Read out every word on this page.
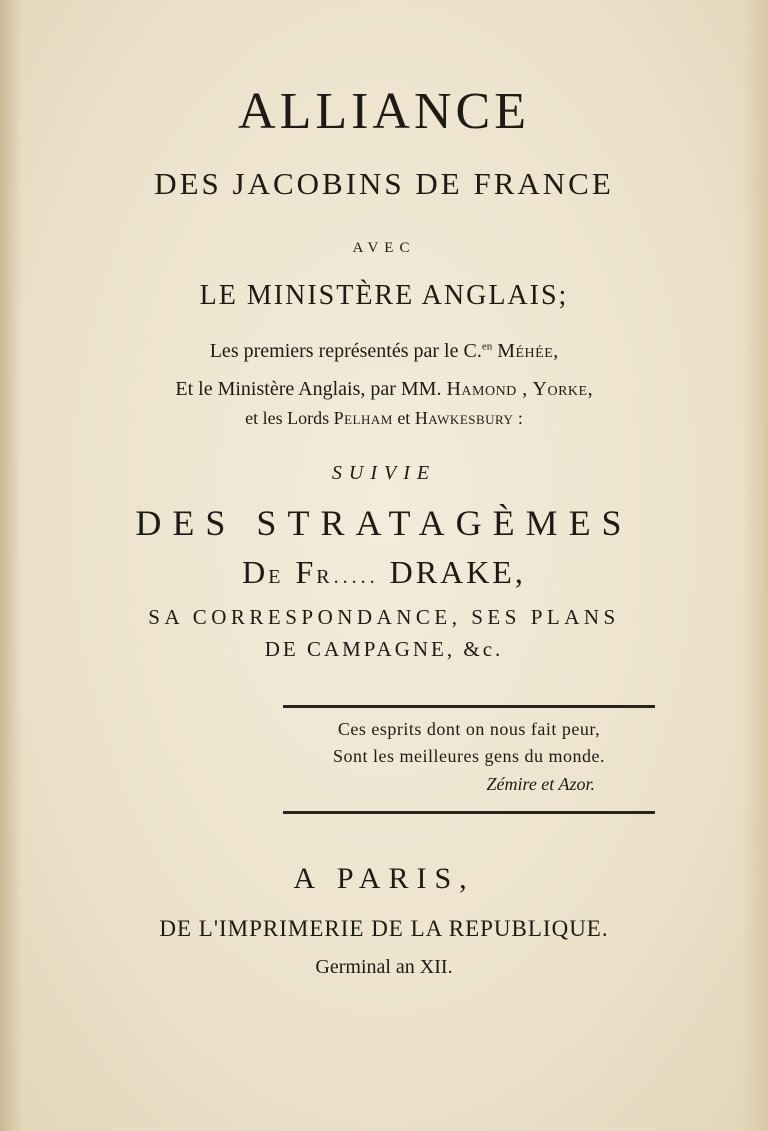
ALLIANCE
DES JACOBINS DE FRANCE
AVEC
LE MINISTÈRE ANGLAIS;
Les premiers représentés par le C.$^{en}$ Méhée,
Et le Ministère Anglais, par MM. Hamond , Yorke,
et les Lords Pelham et Hawkesbury :
SUIVIE
DES STRATAGÈMES
DE FR..... DRAKE,
SA CORRESPONDANCE, SES PLANS
DE CAMPAGNE, &c.
Ces esprits dont on nous fait peur,
Sont les meilleures gens du monde.
Zémire et Azor.
A PARIS,
DE L'IMPRIMERIE DE LA REPUBLIQUE.
Germinal an XII.
